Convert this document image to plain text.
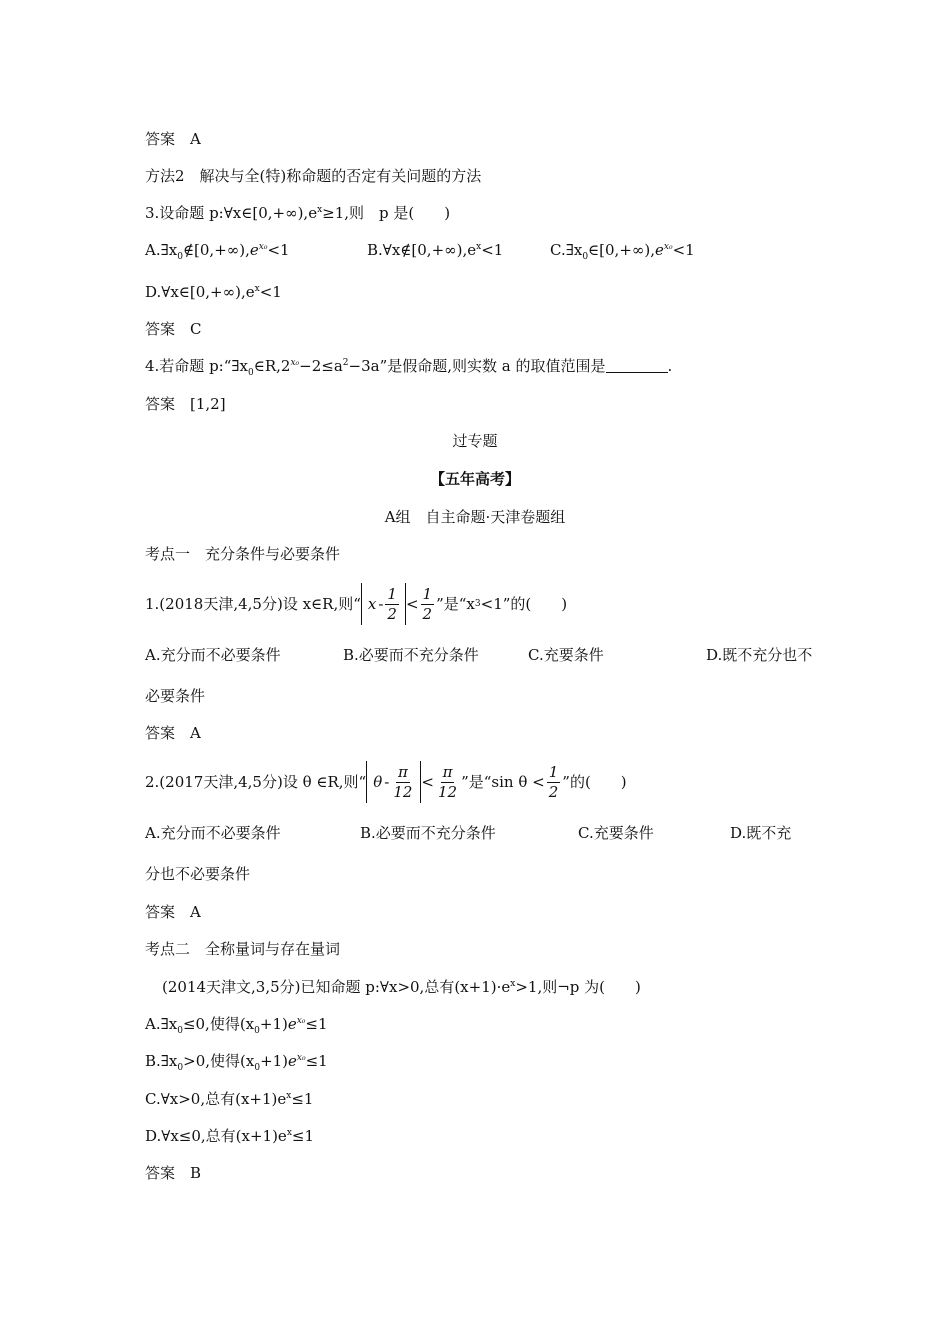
答案　A
方法2　解决与全(特)称命题的否定有关问题的方法
3.设命题 $p:\forall x\in[0,+\infty),e^x\ge 1$,则　p 是(　　)
$A.\exists x_0\notin[0,+\infty),e^{x_0}<1$	$B.\forall x\notin[0,+\infty),e^x<1$	$C.\exists x_0\in[0,+\infty),e^{x_0}<1$
$D.\forall x\in[0,+\infty),e^x<1$
答案　C
4.若命题 $p:“\exists x_0\in R,2^{x_0}-2\le a^2-3a$”是假命题,则实数 a 的取值范围是	.
答案　[1,2]
过专题
【五年高考】
A组　自主命题·天津卷题组
考点一　充分条件与必要条件
1.(2018天津,4,5分)设 x∈R,则“ $x - \frac{1}{2} < \frac{1}{2}$ ”是“x 3 <1”的(　　)
A.充分而不必要条件	B.必要而不充分条件	C.充要条件	D.既不充分也不
必要条件
答案　A
2.(2017天津,4,5分)设 θ ∈R,则“ $\theta - \frac{\pi}{12} < \frac{\pi}{12}$ ”是“sin $\theta < \frac{1}{2}$ ”的(　　)
A.充分而不必要条件	B.必要而不充分条件	C.充要条件	D.既不充
分也不必要条件
答案　A
考点二　全称量词与存在量词
(2014天津文,3,5分)已知命题 p:∀x>0,总有$(x+1)\cdot e^x>1$,则¬p 为(　　)
$A.\exists x_0\le 0$,使得$(x_0+1)e^{x_0}\le 1$
$B.\exists x_0>0$,使得$(x_0+1)e^{x_0}\le 1$
C.∀x>0,总有$(x+1)e^x\le 1$
D.∀x≤0,总有$(x+1)e^x\le 1$
答案　B
